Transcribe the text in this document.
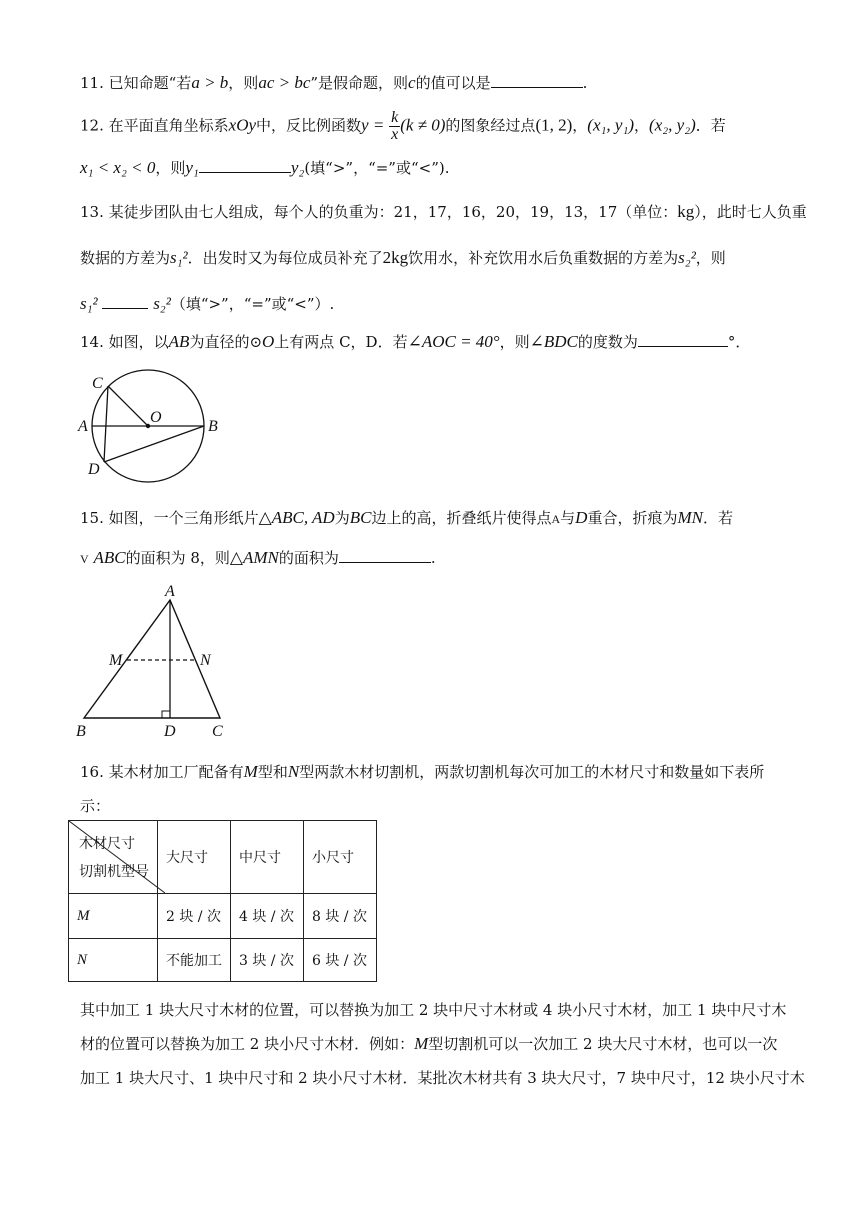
11. 已知命题“若a > b，则ac > bc”是假命题，则c的值可以是	.
12. 在平面直角坐标系xOy中，反比例函数$y = \frac{k}{x} (k \ne 0)$的图象经过点(1, 2)，(x₁, y₁)，(x₂, y₂)．若
x₁ < x₂ < 0，则y₁	y₂(填“>”，“=”或“<”).
13. 某徒步团队由七人组成，每个人的负重为：21，17，16，20，19，13，17（单位：kg），此时七人负重
数据的方差为s₁²．出发时又为每位成员补充了2kg饮用水，补充饮用水后负重数据的方差为s₂²，则
s₁²	s₂²（填“>”，“=”或“<”）.
14. 如图，以AB为直径的⊙O上有两点 C，D．若∠AOC = 40°，则∠BDC的度数为	°．
C
O
A	B
D
15. 如图，一个三角形纸片△ABC, AD为BC边上的高，折叠纸片使得点A与D重合，折痕为MN．若
V ABC的面积为 8，则△AMN的面积为	.
A
M	N
B	D C
16. 某木材加工厂配备有M型和N型两款木材切割机，两款切割机每次可加工的木材尺寸和数量如下表所
示：
木材尺寸
切割机型号	大尺寸	中尺寸	小尺寸
M	2 块 / 次	4 块 / 次	8 块 / 次
N	不能加工	3 块 / 次	6 块 / 次
其中加工 1 块大尺寸木材的位置，可以替换为加工 2 块中尺寸木材或 4 块小尺寸木材，加工 1 块中尺寸木
材的位置可以替换为加工 2 块小尺寸木材．例如：M型切割机可以一次加工 2 块大尺寸木材，也可以一次
加工 1 块大尺寸、1 块中尺寸和 2 块小尺寸木材．某批次木材共有 3 块大尺寸，7 块中尺寸，12 块小尺寸木
